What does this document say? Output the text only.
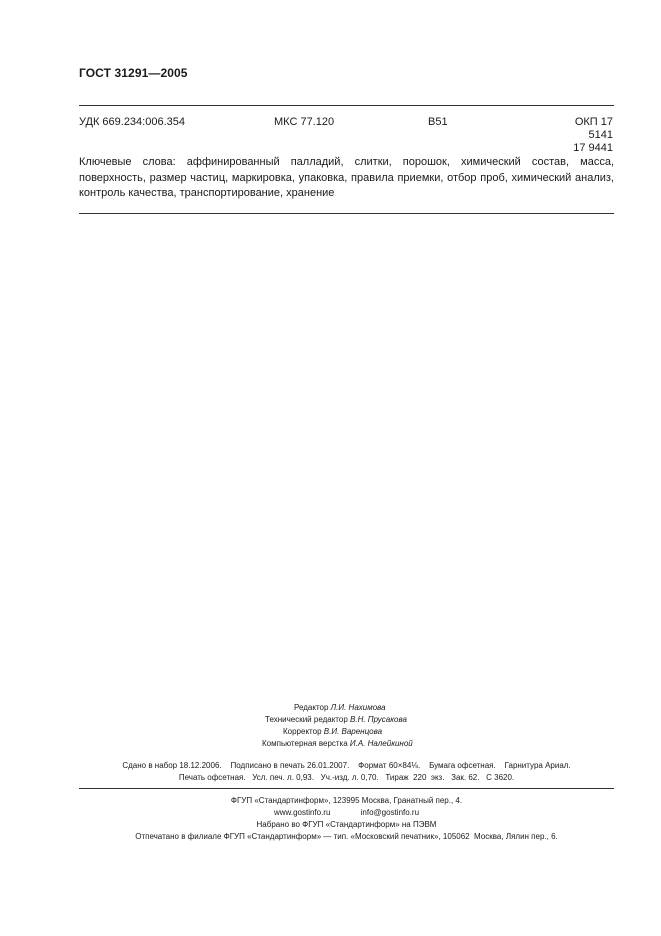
ГОСТ 31291—2005
УДК 669.234:006.354	МКС 77.120	В51	ОКП 17 5141
17 9441
Ключевые слова: аффинированный палладий, слитки, порошок, химический состав, масса, поверхность, размер частиц, маркировка, упаковка, правила приемки, отбор проб, химический анализ, контроль качества, транспортирование, хранение
Редактор Л.И. Нахимова
Технический редактор В.Н. Прусакова
Корректор В.И. Варенцова
Компьютерная верстка И.А. Налейкиной
Сдано в набор 18.12.2006.    Подписано в печать 26.01.2007.    Формат 60×84⅛.    Бумага офсетная.    Гарнитура Ариал.
Печать офсетная.   Усл. печ. л. 0,93.   Уч.-изд. л. 0,70.   Тираж  220  экз.   Зак. 62.   С 3620.
ФГУП «Стандартинформ», 123995 Москва, Гранатный пер., 4.
www.gostinfo.ru	info@gostinfo.ru
Набрано во ФГУП «Стандартинформ» на ПЭВМ
Отпечатано в филиале ФГУП «Стандартинформ» — тип. «Московский печатник», 105062  Москва, Лялин пер., 6.
